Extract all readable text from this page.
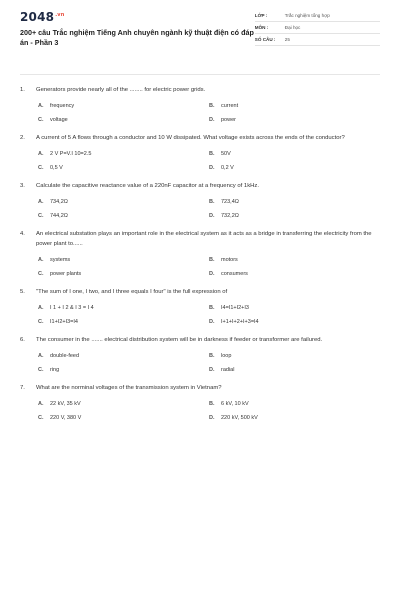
$2048^{.vn}$
200+ câu Trắc nghiệm Tiếng Anh chuyên ngành kỹ thuật điện có đáp án - Phần 3
LỚP :	Trắc nghiệm tổng hợp
MÔN :	Đại học
SỐ CÂU :	25
1.	Generators provide nearly all of the ........ for electric power grids.
A.	frequency	B.	current
C.	voltage	D.	power
2.	A current of 5 A flows through a conductor and 10 W dissipated. What voltage exists across the ends of the conductor?
A.	2 V P=V.I 10=2.5	B.	50V
C.	0,5 V	D.	0,2 V
3.	Calculate the capacitive reactance value of a 220nF capacitor at a frequency of 1kHz.
A.	734,2Ω	B.	723,4Ω
C.	744,2Ω	D.	732,2Ω
4.	An electrical substation plays an important role in the electrical system as it acts as a bridge in transferring the electricity from the power plant to......
A.	systems	B.	motors
C.	power plants	D.	consumers
5.	"The sum of I one, I two, and I three equals I four" is the full expression of
A.	I 1 + I 2 & I 3 = I 4	B.	I4=I1+I2+I3
C.	I1+I2+I3=I4	D.	I+1+I+2+I+3=I4
6.	The consumer in the ....... electrical distribution system will be in darkness if feeder or transformer are failured.
A.	double-feed	B.	loop
C.	ring	D.	radial
7.	What are the norminal voltages of the transmission system in Vietnam?
A.	22 kV, 35 kV	B.	6 kV, 10 kV
C.	220 V, 380 V	D.	220 kV, 500 kV
